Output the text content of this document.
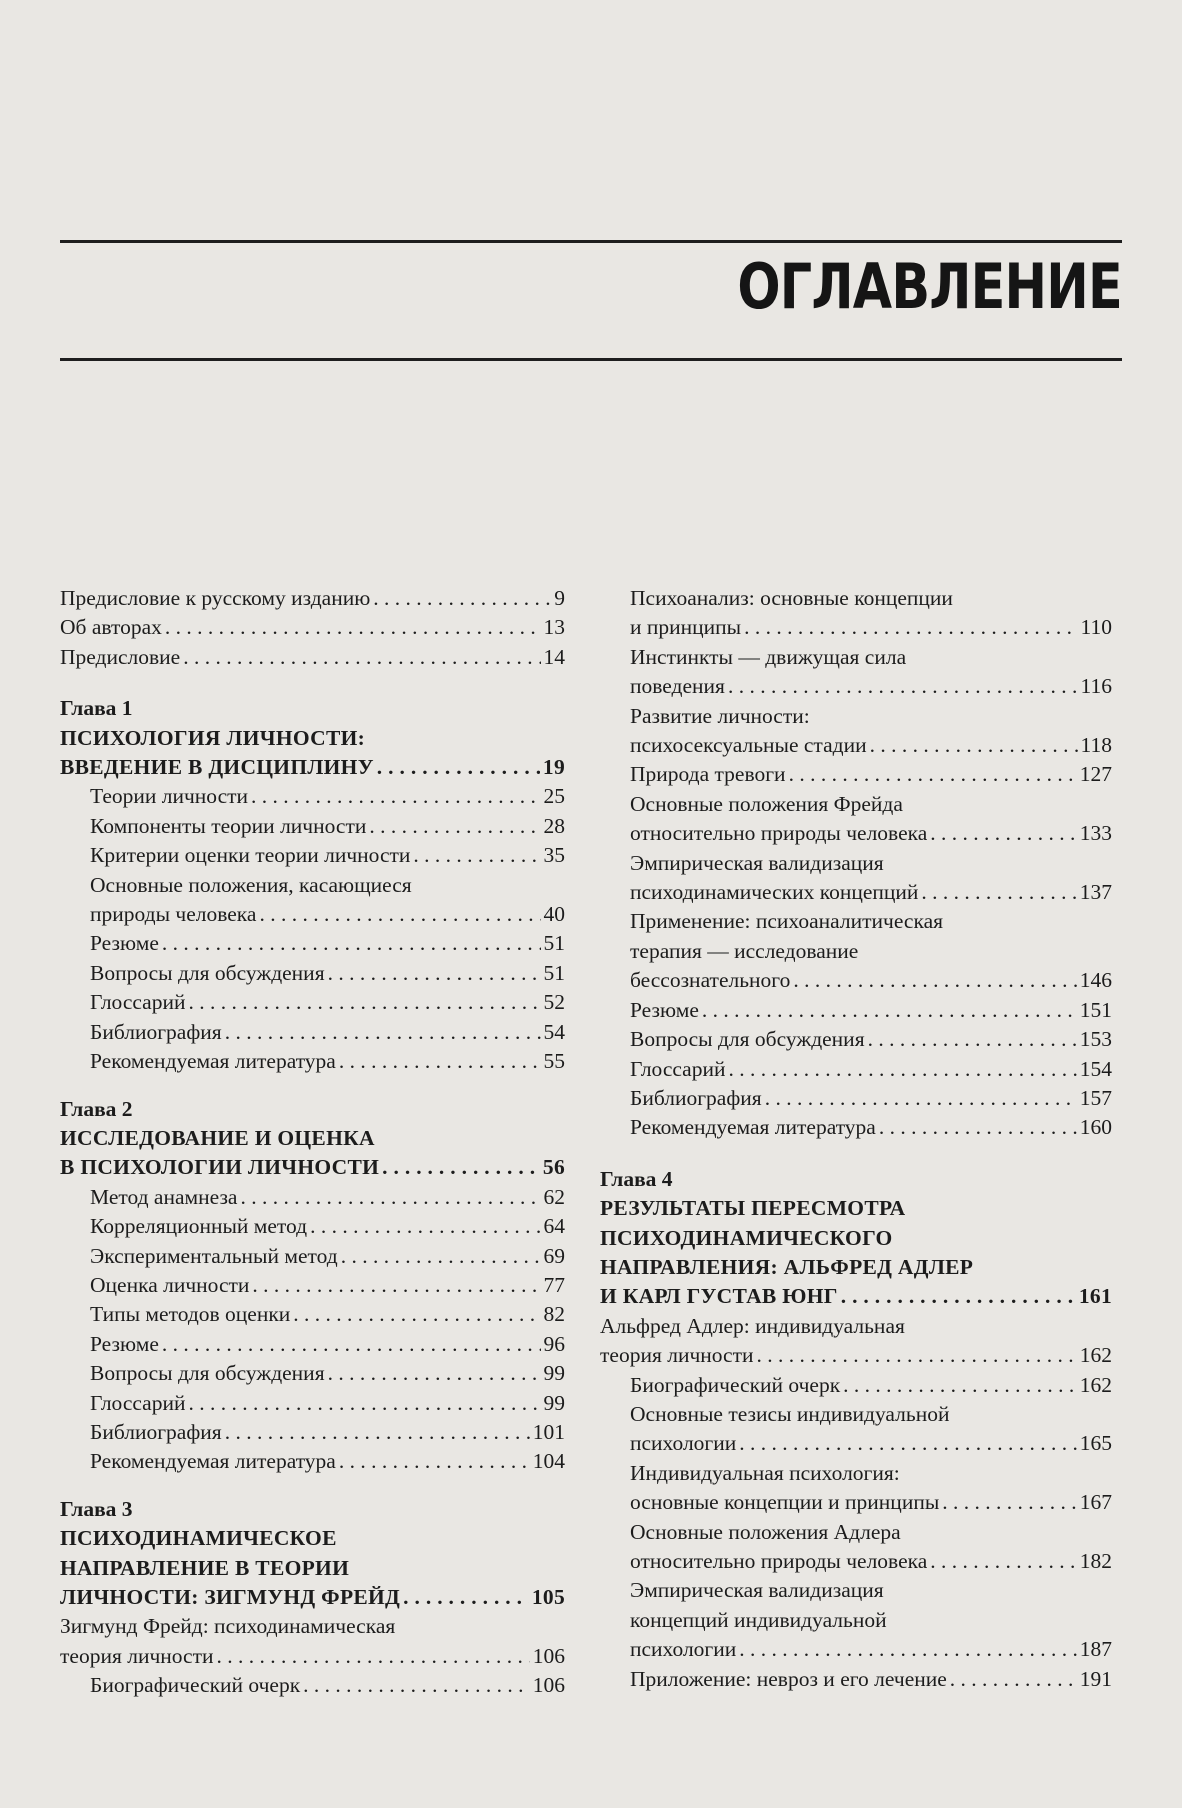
ОГЛАВЛЕНИЕ
Предисловие к русскому изданию . . .	9
Об авторах . . .	13
Предисловие . . .	14
Глава 1
ПСИХОЛОГИЯ ЛИЧНОСТИ:
ВВЕДЕНИЕ В ДИСЦИПЛИНУ . . .	19
Теории личности . . .	25
Компоненты теории личности . . .	28
Критерии оценки теории личности . . .	35
Основные положения, касающиеся
природы человека . . .	40
Резюме . . .	51
Вопросы для обсуждения . . .	51
Глоссарий . . .	52
Библиография . . .	54
Рекомендуемая литература . . .	55
Глава 2
ИССЛЕДОВАНИЕ И ОЦЕНКА
В ПСИХОЛОГИИ ЛИЧНОСТИ . . .	56
Метод анамнеза . . .	62
Корреляционный метод . . .	64
Экспериментальный метод . . .	69
Оценка личности . . .	77
Типы методов оценки . . .	82
Резюме . . .	96
Вопросы для обсуждения . . .	99
Глоссарий . . .	99
Библиография . . .	101
Рекомендуемая литература . . .	104
Глава 3
ПСИХОДИНАМИЧЕСКОЕ
НАПРАВЛЕНИЕ В ТЕОРИИ
ЛИЧНОСТИ: ЗИГМУНД ФРЕЙД . . .	105
Зигмунд Фрейд: психодинамическая
теория личности . . .	106
Биографический очерк . . .	106
Психоанализ: основные концепции
и принципы . . .	110
Инстинкты — движущая сила
поведения . . .	116
Развитие личности:
психосексуальные стадии . . .	118
Природа тревоги . . .	127
Основные положения Фрейда
относительно природы человека . . .	133
Эмпирическая валидизация
психодинамических концепций . . .	137
Применение: психоаналитическая
терапия — исследование
бессознательного . . .	146
Резюме . . .	151
Вопросы для обсуждения . . .	153
Глоссарий . . .	154
Библиография . . .	157
Рекомендуемая литература . . .	160
Глава 4
РЕЗУЛЬТАТЫ ПЕРЕСМОТРА
ПСИХОДИНАМИЧЕСКОГО
НАПРАВЛЕНИЯ: АЛЬФРЕД АДЛЕР
И КАРЛ ГУСТАВ ЮНГ . . .	161
Альфред Адлер: индивидуальная
теория личности . . .	162
Биографический очерк . . .	162
Основные тезисы индивидуальной
психологии . . .	165
Индивидуальная психология:
основные концепции и принципы . . .	167
Основные положения Адлера
относительно природы человека . . .	182
Эмпирическая валидизация
концепций индивидуальной
психологии . . .	187
Приложение: невроз и его лечение . . .	191
